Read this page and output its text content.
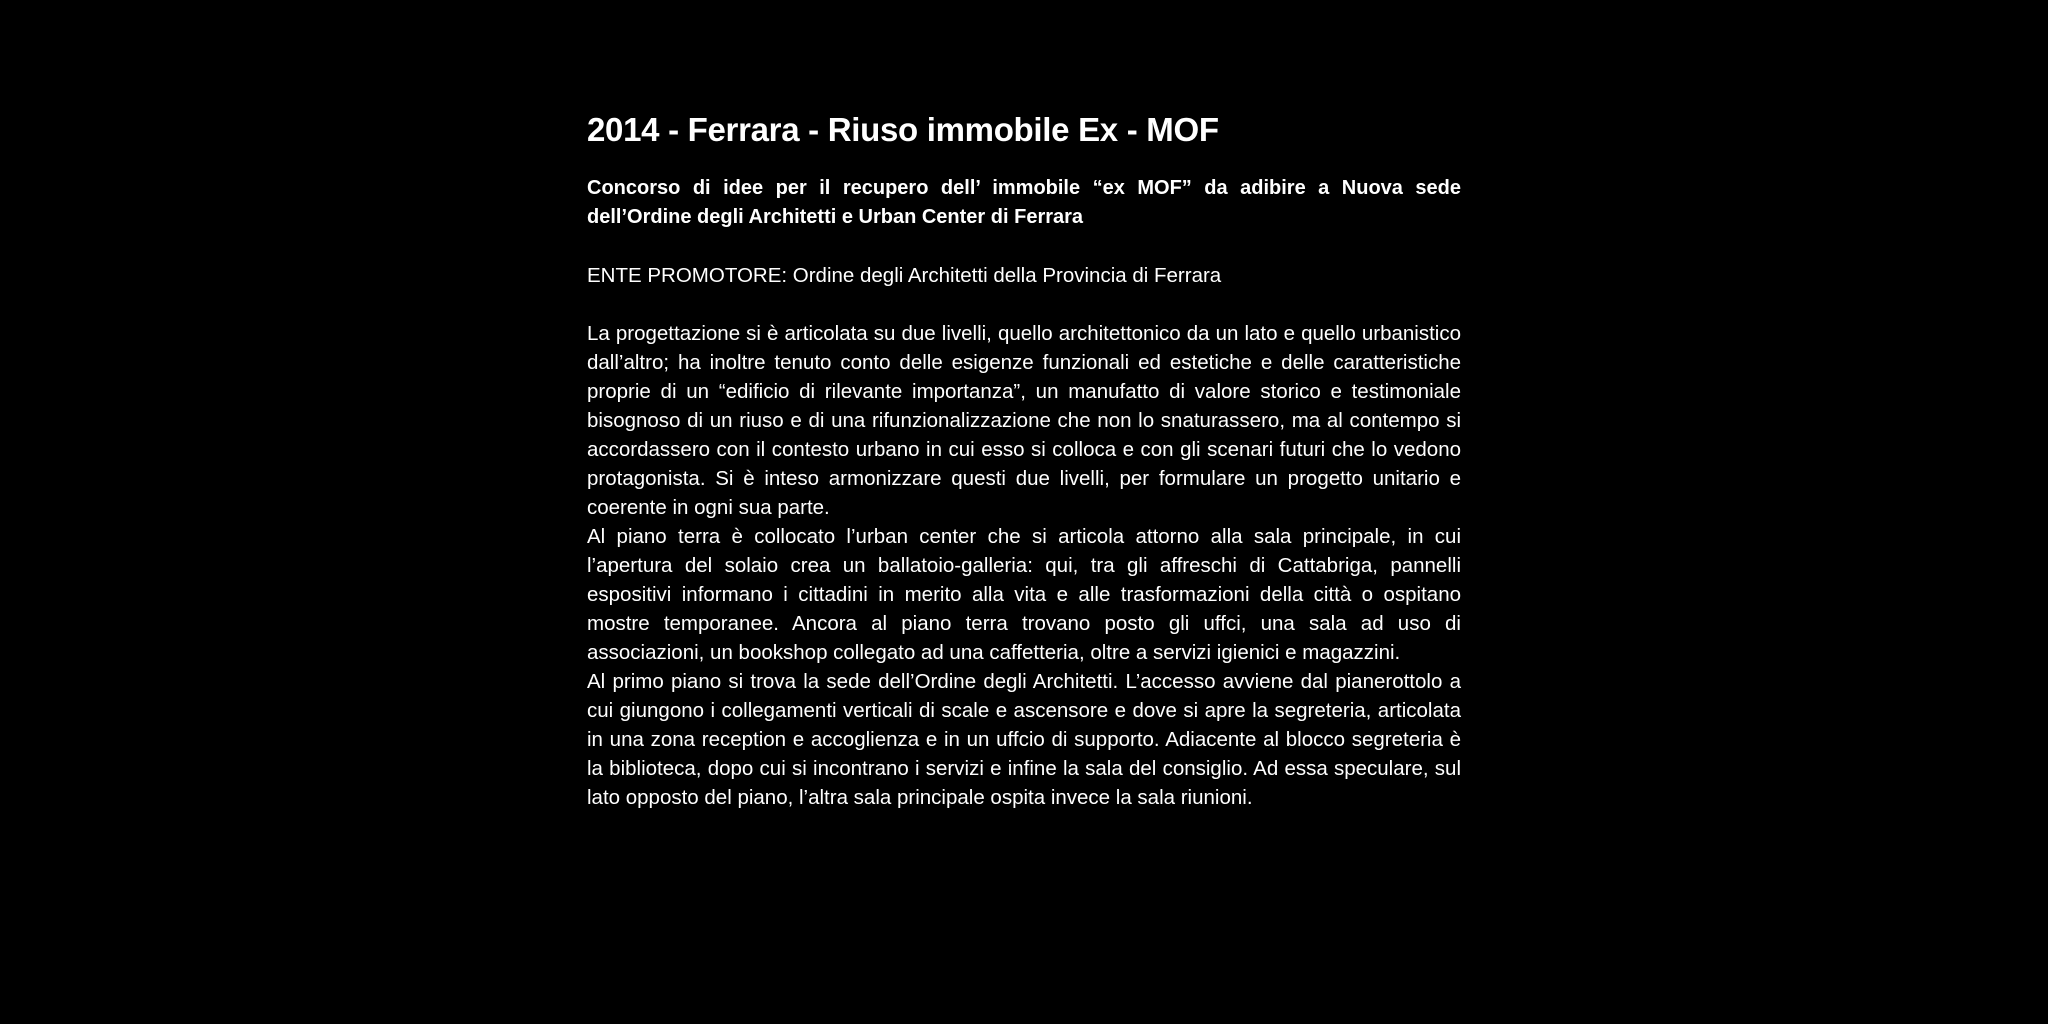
2014 - Ferrara - Riuso immobile Ex - MOF

Concorso di idee per il recupero dell’ immobile “ex MOF” da adibire a Nuova sede dell’Ordine degli Architetti e Urban Center di Ferrara

ENTE PROMOTORE: Ordine degli Architetti della Provincia di Ferrara

La progettazione si è articolata su due livelli, quello architettonico da un lato e quello urbanistico dall’altro; ha inoltre tenuto conto delle esigenze funzionali ed estetiche e delle caratteristiche proprie di un “edificio di rilevante importanza”, un manufatto di valore storico e testimoniale bisognoso di un riuso e di una rifunzionalizzazione che non lo snaturassero, ma al contempo si accordassero con il contesto urbano in cui esso si colloca e con gli scenari futuri che lo vedono protagonista. Si è inteso armonizzare questi due livelli, per formulare un progetto unitario e coerente in ogni sua parte.

Al piano terra è collocato l’urban center che si articola attorno alla sala principale, in cui l’apertura del solaio crea un ballatoio-galleria: qui, tra gli affreschi di Cattabriga, pannelli espositivi informano i cittadini in merito alla vita e alle trasformazioni della città o ospitano mostre temporanee. Ancora al piano terra trovano posto gli uffci, una sala ad uso di associazioni, un bookshop collegato ad una caffetteria, oltre a servizi igienici e magazzini.

Al primo piano si trova la sede dell’Ordine degli Architetti. L’accesso avviene dal pianerottolo a cui giungono i collegamenti verticali di scale e ascensore e dove si apre la segreteria, articolata in una zona reception e accoglienza e in un uffcio di supporto. Adiacente al blocco segreteria è la biblioteca, dopo cui si incontrano i servizi e infine la sala del consiglio. Ad essa speculare, sul lato opposto del piano, l’altra sala principale ospita invece la sala riunioni.
